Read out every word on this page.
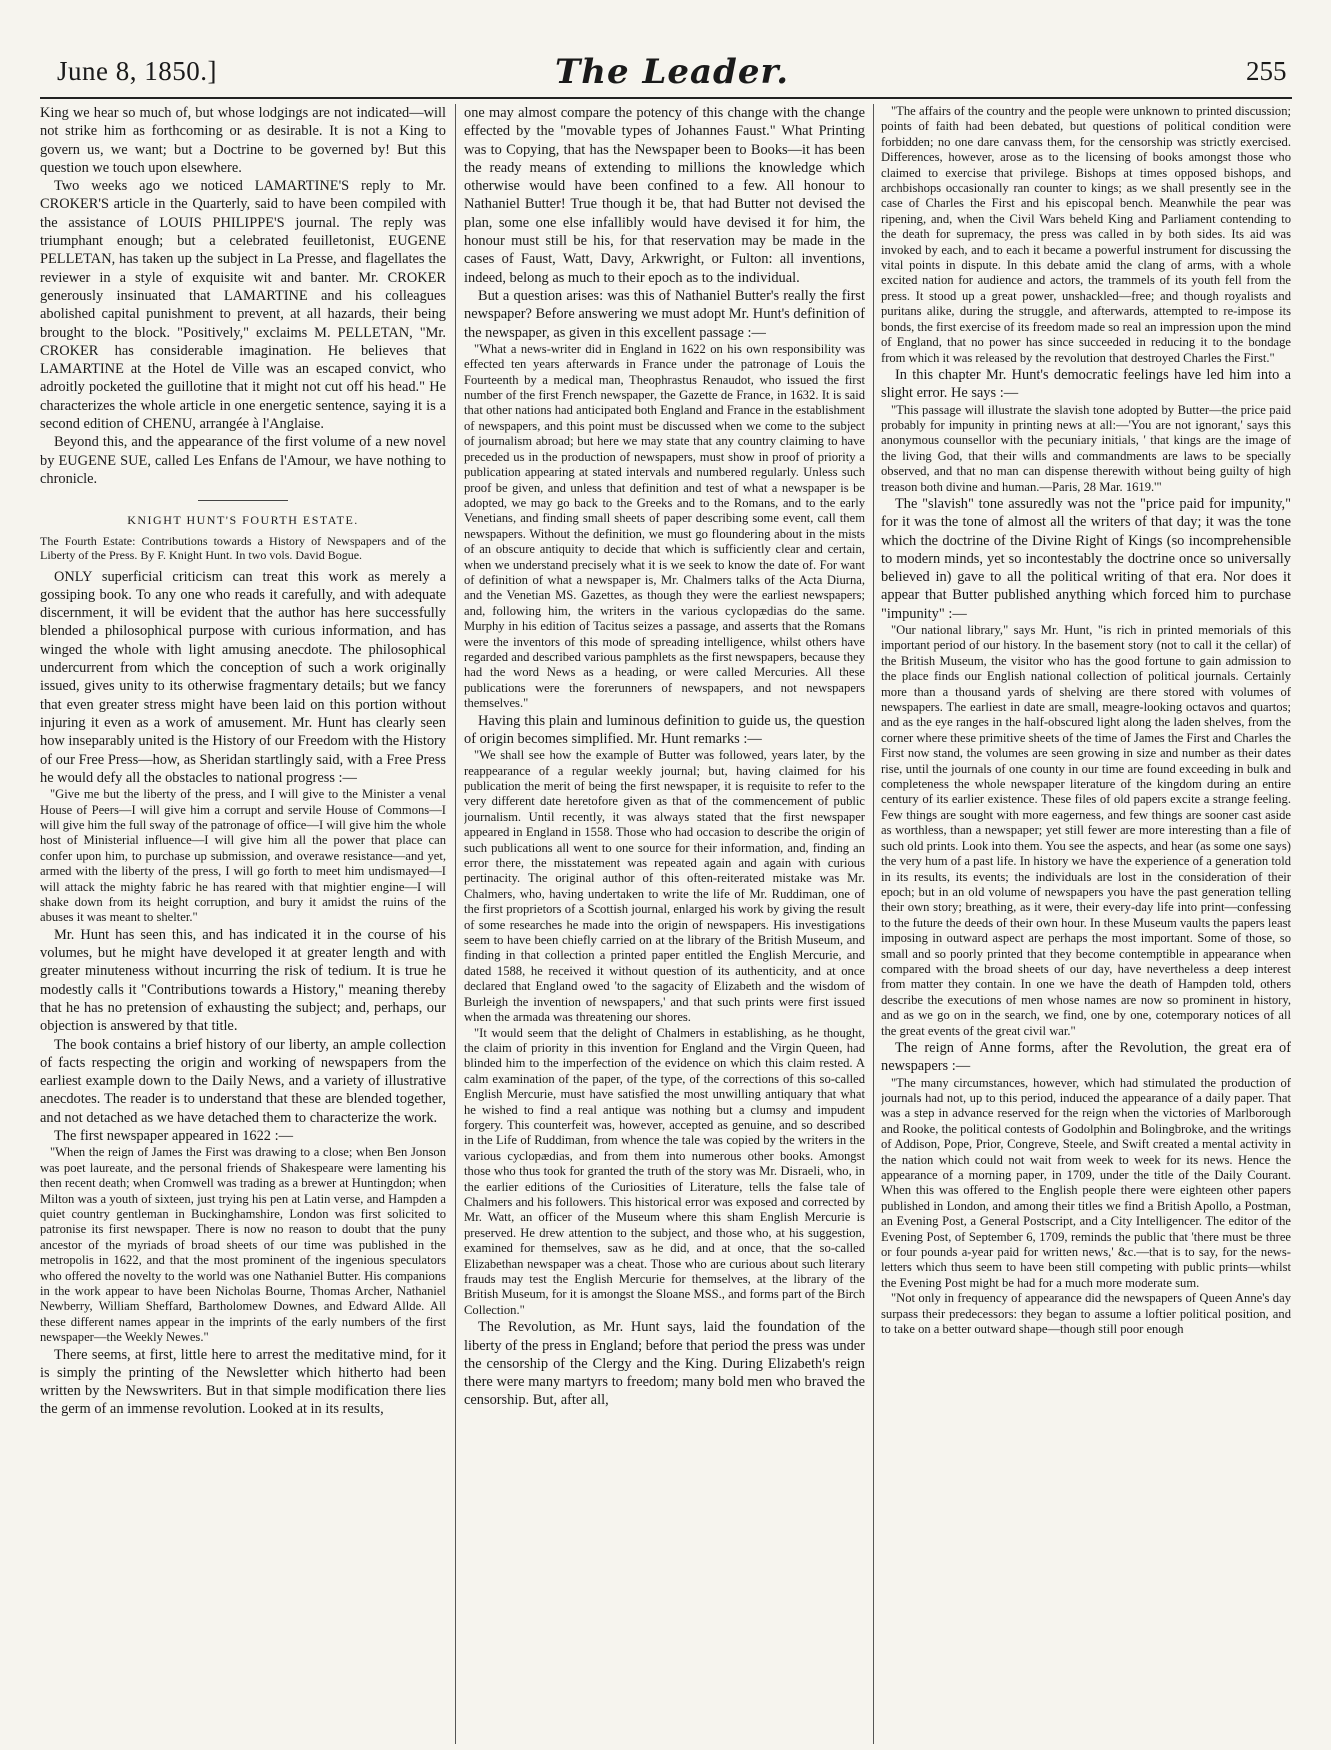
June 8, 1850.]	The Leader.	255

King we hear so much of, but whose lodgings are not indicated—will not strike him as forthcoming or as desirable. It is not a King to govern us, we want; but a Doctrine to be governed by! But this question we touch upon elsewhere.

Two weeks ago we noticed LAMARTINE'S reply to Mr. CROKER'S article in the Quarterly, said to have been compiled with the assistance of LOUIS PHILIPPE'S journal. The reply was triumphant enough; but a celebrated feuilletonist, EUGENE PELLETAN, has taken up the subject in La Presse, and flagellates the reviewer in a style of exquisite wit and banter. Mr. CROKER generously insinuated that LAMARTINE and his colleagues abolished capital punishment to prevent, at all hazards, their being brought to the block. "Positively," exclaims M. PELLETAN, "Mr. CROKER has considerable imagination. He believes that LAMARTINE at the Hotel de Ville was an escaped convict, who adroitly pocketed the guillotine that it might not cut off his head." He characterizes the whole article in one energetic sentence, saying it is a second edition of CHENU, arrangée à l'Anglaise.

Beyond this, and the appearance of the first volume of a new novel by EUGENE SUE, called Les Enfans de l'Amour, we have nothing to chronicle.

KNIGHT HUNT'S FOURTH ESTATE.

The Fourth Estate: Contributions towards a History of Newspapers and of the Liberty of the Press. By F. Knight Hunt. In two vols. David Bogue.

ONLY superficial criticism can treat this work as merely a gossiping book. To any one who reads it carefully, and with adequate discernment, it will be evident that the author has here successfully blended a philosophical purpose with curious information, and has winged the whole with light amusing anecdote. The philosophical undercurrent from which the conception of such a work originally issued, gives unity to its otherwise fragmentary details; but we fancy that even greater stress might have been laid on this portion without injuring it even as a work of amusement. Mr. Hunt has clearly seen how inseparably united is the History of our Freedom with the History of our Free Press—how, as Sheridan startlingly said, with a Free Press he would defy all the obstacles to national progress :—

"Give me but the liberty of the press, and I will give to the Minister a venal House of Peers—I will give him a corrupt and servile House of Commons—I will give him the full sway of the patronage of office—I will give him the whole host of Ministerial influence—I will give him all the power that place can confer upon him, to purchase up submission, and overawe resistance—and yet, armed with the liberty of the press, I will go forth to meet him undismayed—I will attack the mighty fabric he has reared with that mightier engine—I will shake down from its height corruption, and bury it amidst the ruins of the abuses it was meant to shelter."

Mr. Hunt has seen this, and has indicated it in the course of his volumes, but he might have developed it at greater length and with greater minuteness without incurring the risk of tedium. It is true he modestly calls it "Contributions towards a History," meaning thereby that he has no pretension of exhausting the subject; and, perhaps, our objection is answered by that title.

The book contains a brief history of our liberty, an ample collection of facts respecting the origin and working of newspapers from the earliest example down to the Daily News, and a variety of illustrative anecdotes. The reader is to understand that these are blended together, and not detached as we have detached them to characterize the work.

The first newspaper appeared in 1622 :—

"When the reign of James the First was drawing to a close; when Ben Jonson was poet laureate, and the personal friends of Shakespeare were lamenting his then recent death; when Cromwell was trading as a brewer at Huntingdon; when Milton was a youth of sixteen, just trying his pen at Latin verse, and Hampden a quiet country gentleman in Buckinghamshire, London was first solicited to patronise its first newspaper. There is now no reason to doubt that the puny ancestor of the myriads of broad sheets of our time was published in the metropolis in 1622, and that the most prominent of the ingenious speculators who offered the novelty to the world was one Nathaniel Butter. His companions in the work appear to have been Nicholas Bourne, Thomas Archer, Nathaniel Newberry, William Sheffard, Bartholomew Downes, and Edward Allde. All these different names appear in the imprints of the early numbers of the first newspaper—the Weekly Newes."

There seems, at first, little here to arrest the meditative mind, for it is simply the printing of the Newsletter which hitherto had been written by the Newswriters. But in that simple modification there lies the germ of an immense revolution. Looked at in its results,

one may almost compare the potency of this change with the change effected by the "movable types of Johannes Faust." What Printing was to Copying, that has the Newspaper been to Books—it has been the ready means of extending to millions the knowledge which otherwise would have been confined to a few. All honour to Nathaniel Butter! True though it be, that had Butter not devised the plan, some one else infallibly would have devised it for him, the honour must still be his, for that reservation may be made in the cases of Faust, Watt, Davy, Arkwright, or Fulton: all inventions, indeed, belong as much to their epoch as to the individual.

But a question arises: was this of Nathaniel Butter's really the first newspaper? Before answering we must adopt Mr. Hunt's definition of the newspaper, as given in this excellent passage :—

"What a news-writer did in England in 1622 on his own responsibility was effected ten years afterwards in France under the patronage of Louis the Fourteenth by a medical man, Theophrastus Renaudot, who issued the first number of the first French newspaper, the Gazette de France, in 1632. It is said that other nations had anticipated both England and France in the establishment of newspapers, and this point must be discussed when we come to the subject of journalism abroad; but here we may state that any country claiming to have preceded us in the production of newspapers, must show in proof of priority a publication appearing at stated intervals and numbered regularly. Unless such proof be given, and unless that definition and test of what a newspaper is be adopted, we may go back to the Greeks and to the Romans, and to the early Venetians, and finding small sheets of paper describing some event, call them newspapers. Without the definition, we must go floundering about in the mists of an obscure antiquity to decide that which is sufficiently clear and certain, when we understand precisely what it is we seek to know the date of. For want of definition of what a newspaper is, Mr. Chalmers talks of the Acta Diurna, and the Venetian MS. Gazettes, as though they were the earliest newspapers; and, following him, the writers in the various cyclopædias do the same. Murphy in his edition of Tacitus seizes a passage, and asserts that the Romans were the inventors of this mode of spreading intelligence, whilst others have regarded and described various pamphlets as the first newspapers, because they had the word News as a heading, or were called Mercuries. All these publications were the forerunners of newspapers, and not newspapers themselves."

Having this plain and luminous definition to guide us, the question of origin becomes simplified. Mr. Hunt remarks :—

"We shall see how the example of Butter was followed, years later, by the reappearance of a regular weekly journal; but, having claimed for his publication the merit of being the first newspaper, it is requisite to refer to the very different date heretofore given as that of the commencement of public journalism. Until recently, it was always stated that the first newspaper appeared in England in 1558. Those who had occasion to describe the origin of such publications all went to one source for their information, and, finding an error there, the misstatement was repeated again and again with curious pertinacity. The original author of this often-reiterated mistake was Mr. Chalmers, who, having undertaken to write the life of Mr. Ruddiman, one of the first proprietors of a Scottish journal, enlarged his work by giving the result of some researches he made into the origin of newspapers. His investigations seem to have been chiefly carried on at the library of the British Museum, and finding in that collection a printed paper entitled the English Mercurie, and dated 1588, he received it without question of its authenticity, and at once declared that England owed 'to the sagacity of Elizabeth and the wisdom of Burleigh the invention of newspapers,' and that such prints were first issued when the armada was threatening our shores.

"It would seem that the delight of Chalmers in establishing, as he thought, the claim of priority in this invention for England and the Virgin Queen, had blinded him to the imperfection of the evidence on which this claim rested. A calm examination of the paper, of the type, of the corrections of this so-called English Mercurie, must have satisfied the most unwilling antiquary that what he wished to find a real antique was nothing but a clumsy and impudent forgery. This counterfeit was, however, accepted as genuine, and so described in the Life of Ruddiman, from whence the tale was copied by the writers in the various cyclopædias, and from them into numerous other books. Amongst those who thus took for granted the truth of the story was Mr. Disraeli, who, in the earlier editions of the Curiosities of Literature, tells the false tale of Chalmers and his followers. This historical error was exposed and corrected by Mr. Watt, an officer of the Museum where this sham English Mercurie is preserved. He drew attention to the subject, and those who, at his suggestion, examined for themselves, saw as he did, and at once, that the so-called Elizabethan newspaper was a cheat. Those who are curious about such literary frauds may test the English Mercurie for themselves, at the library of the British Museum, for it is amongst the Sloane MSS., and forms part of the Birch Collection."

The Revolution, as Mr. Hunt says, laid the foundation of the liberty of the press in England; before that period the press was under the censorship of the Clergy and the King. During Elizabeth's reign there were many martyrs to freedom; many bold men who braved the censorship. But, after all,

"The affairs of the country and the people were unknown to printed discussion; points of faith had been debated, but questions of political condition were forbidden; no one dare canvass them, for the censorship was strictly exercised. Differences, however, arose as to the licensing of books amongst those who claimed to exercise that privilege. Bishops at times opposed bishops, and archbishops occasionally ran counter to kings; as we shall presently see in the case of Charles the First and his episcopal bench. Meanwhile the pear was ripening, and, when the Civil Wars beheld King and Parliament contending to the death for supremacy, the press was called in by both sides. Its aid was invoked by each, and to each it became a powerful instrument for discussing the vital points in dispute. In this debate amid the clang of arms, with a whole excited nation for audience and actors, the trammels of its youth fell from the press. It stood up a great power, unshackled—free; and though royalists and puritans alike, during the struggle, and afterwards, attempted to re-impose its bonds, the first exercise of its freedom made so real an impression upon the mind of England, that no power has since succeeded in reducing it to the bondage from which it was released by the revolution that destroyed Charles the First."

In this chapter Mr. Hunt's democratic feelings have led him into a slight error. He says :—

"This passage will illustrate the slavish tone adopted by Butter—the price paid probably for impunity in printing news at all:—'You are not ignorant,' says this anonymous counsellor with the pecuniary initials, ' that kings are the image of the living God, that their wills and commandments are laws to be specially observed, and that no man can dispense therewith without being guilty of high treason both divine and human.—Paris, 28 Mar. 1619.'"

The "slavish" tone assuredly was not the "price paid for impunity," for it was the tone of almost all the writers of that day; it was the tone which the doctrine of the Divine Right of Kings (so incomprehensible to modern minds, yet so incontestably the doctrine once so universally believed in) gave to all the political writing of that era. Nor does it appear that Butter published anything which forced him to purchase "impunity" :—

"Our national library," says Mr. Hunt, "is rich in printed memorials of this important period of our history. In the basement story (not to call it the cellar) of the British Museum, the visitor who has the good fortune to gain admission to the place finds our English national collection of political journals. Certainly more than a thousand yards of shelving are there stored with volumes of newspapers. The earliest in date are small, meagre-looking octavos and quartos; and as the eye ranges in the half-obscured light along the laden shelves, from the corner where these primitive sheets of the time of James the First and Charles the First now stand, the volumes are seen growing in size and number as their dates rise, until the journals of one county in our time are found exceeding in bulk and completeness the whole newspaper literature of the kingdom during an entire century of its earlier existence. These files of old papers excite a strange feeling. Few things are sought with more eagerness, and few things are sooner cast aside as worthless, than a newspaper; yet still fewer are more interesting than a file of such old prints. Look into them. You see the aspects, and hear (as some one says) the very hum of a past life. In history we have the experience of a generation told in its results, its events; the individuals are lost in the consideration of their epoch; but in an old volume of newspapers you have the past generation telling their own story; breathing, as it were, their every-day life into print—confessing to the future the deeds of their own hour. In these Museum vaults the papers least imposing in outward aspect are perhaps the most important. Some of those, so small and so poorly printed that they become contemptible in appearance when compared with the broad sheets of our day, have nevertheless a deep interest from matter they contain. In one we have the death of Hampden told, others describe the executions of men whose names are now so prominent in history, and as we go on in the search, we find, one by one, cotemporary notices of all the great events of the great civil war."

The reign of Anne forms, after the Revolution, the great era of newspapers :—

"The many circumstances, however, which had stimulated the production of journals had not, up to this period, induced the appearance of a daily paper. That was a step in advance reserved for the reign when the victories of Marlborough and Rooke, the political contests of Godolphin and Bolingbroke, and the writings of Addison, Pope, Prior, Congreve, Steele, and Swift created a mental activity in the nation which could not wait from week to week for its news. Hence the appearance of a morning paper, in 1709, under the title of the Daily Courant. When this was offered to the English people there were eighteen other papers published in London, and among their titles we find a British Apollo, a Postman, an Evening Post, a General Postscript, and a City Intelligencer. The editor of the Evening Post, of September 6, 1709, reminds the public that 'there must be three or four pounds a-year paid for written news,' &c.—that is to say, for the news-letters which thus seem to have been still competing with public prints—whilst the Evening Post might be had for a much more moderate sum.

"Not only in frequency of appearance did the newspapers of Queen Anne's day surpass their predecessors: they began to assume a loftier political position, and to take on a better outward shape—though still poor enough
